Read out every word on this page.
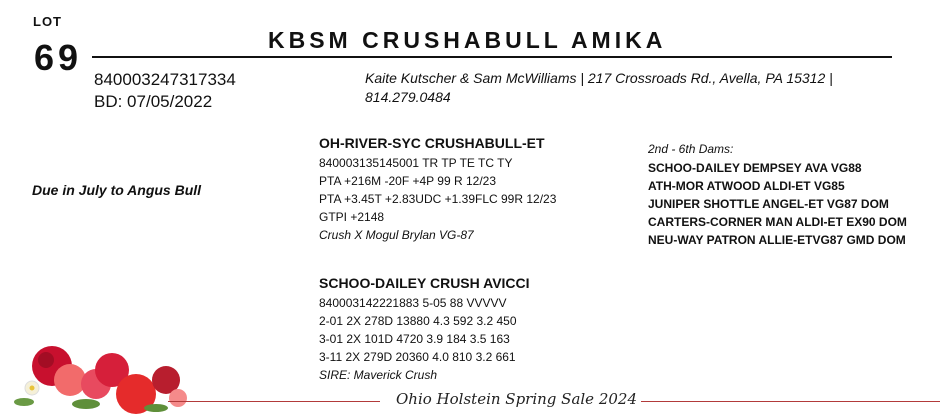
LOT
69	KBSM CRUSHABULL AMIKA
840003247317334
BD: 07/05/2022
Kaite Kutscher & Sam McWilliams | 217 Crossroads Rd., Avella, PA 15312 |
814.279.0484
Due in July to Angus Bull
OH-RIVER-SYC CRUSHABULL-ET
840003135145001 TR TP TE TC TY
PTA +216M -20F +4P 99 R 12/23
PTA +3.45T +2.83UDC +1.39FLC 99R 12/23
GTPI +2148
Crush X Mogul Brylan VG-87
SCHOO-DAILEY CRUSH AVICCI
840003142221883 5-05 88 VVVVV
2-01 2X 278D 13880 4.3 592 3.2 450
3-01 2X 101D 4720 3.9 184 3.5 163
3-11 2X 279D 20360 4.0 810 3.2 661
SIRE: Maverick Crush
2nd - 6th Dams:
SCHOO-DAILEY DEMPSEY AVA VG88
ATH-MOR ATWOOD ALDI-ET VG85
JUNIPER SHOTTLE ANGEL-ET VG87 DOM
CARTERS-CORNER MAN ALDI-ET EX90 DOM
NEU-WAY PATRON ALLIE-ETVG87 GMD DOM
Ohio Holstein Spring Sale 2024
